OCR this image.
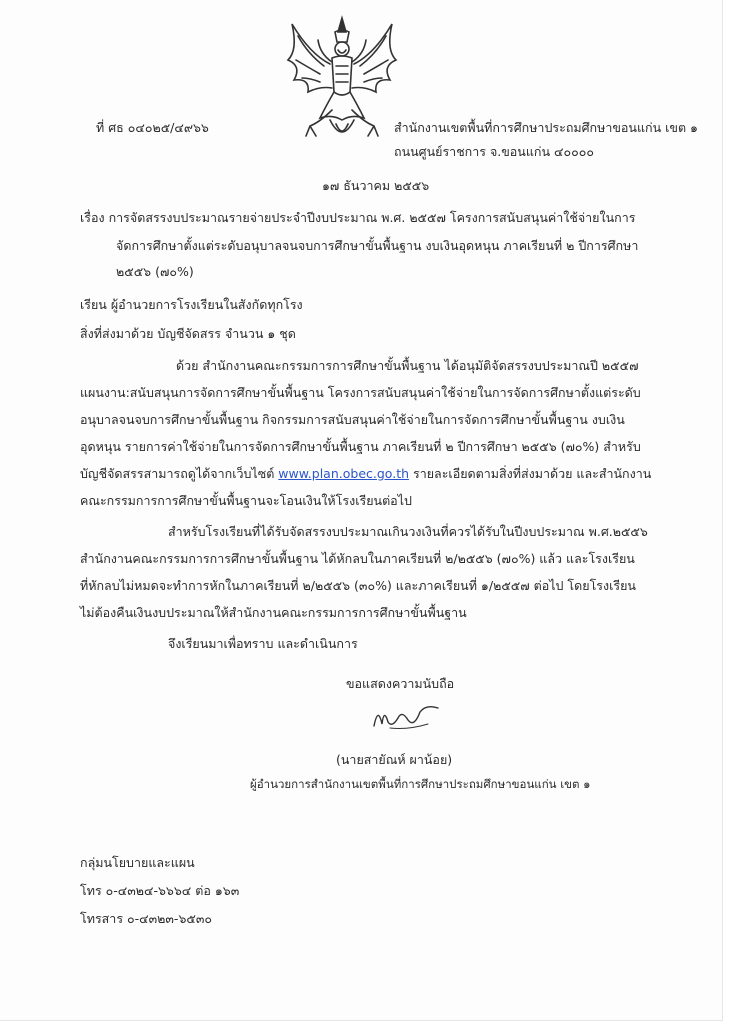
ที่ ศธ ๐๔๐๒๕/๔๙๖๖	สำนักงานเขตพื้นที่การศึกษาประถมศึกษาขอนแก่น เขต ๑
ถนนศูนย์ราชการ จ.ขอนแก่น ๔๐๐๐๐
๑๗ ธันวาคม ๒๕๕๖
เรื่อง การจัดสรรงบประมาณรายจ่ายประจำปีงบประมาณ พ.ศ. ๒๕๕๗ โครงการสนับสนุนค่าใช้จ่ายในการ
จัดการศึกษาตั้งแต่ระดับอนุบาลจนจบการศึกษาขั้นพื้นฐาน งบเงินอุดหนุน ภาคเรียนที่ ๒ ปีการศึกษา
๒๕๕๖ (๗๐%)
เรียน ผู้อำนวยการโรงเรียนในสังกัดทุกโรง
สิ่งที่ส่งมาด้วย บัญชีจัดสรร จำนวน ๑ ชุด
ด้วย สำนักงานคณะกรรมการการศึกษาขั้นพื้นฐาน ได้อนุมัติจัดสรรงบประมาณปี ๒๕๕๗
แผนงาน:สนับสนุนการจัดการศึกษาขั้นพื้นฐาน โครงการสนับสนุนค่าใช้จ่ายในการจัดการศึกษาตั้งแต่ระดับ
อนุบาลจนจบการศึกษาขั้นพื้นฐาน กิจกรรมการสนับสนุนค่าใช้จ่ายในการจัดการศึกษาขั้นพื้นฐาน งบเงิน
อุดหนุน รายการค่าใช้จ่ายในการจัดการศึกษาขั้นพื้นฐาน ภาคเรียนที่ ๒ ปีการศึกษา ๒๕๕๖ (๗๐%) สำหรับ
บัญชีจัดสรรสามารถดูได้จากเว็บไซต์ www.plan.obec.go.th รายละเอียดตามสิ่งที่ส่งมาด้วย และสำนักงาน
คณะกรรมการการศึกษาขั้นพื้นฐานจะโอนเงินให้โรงเรียนต่อไป
สำหรับโรงเรียนที่ได้รับจัดสรรงบประมาณเกินวงเงินที่ควรได้รับในปีงบประมาณ พ.ศ.๒๕๕๖
สำนักงานคณะกรรมการการศึกษาขั้นพื้นฐาน ได้หักลบในภาคเรียนที่ ๒/๒๕๕๖ (๗๐%) แล้ว และโรงเรียน
ที่หักลบไม่หมดจะทำการหักในภาคเรียนที่ ๒/๒๕๕๖ (๓๐%) และภาคเรียนที่ ๑/๒๕๕๗ ต่อไป โดยโรงเรียน
ไม่ต้องคืนเงินงบประมาณให้สำนักงานคณะกรรมการการศึกษาขั้นพื้นฐาน
จึงเรียนมาเพื่อทราบ และดำเนินการ
ขอแสดงความนับถือ
(นายสายัณห์ ผาน้อย)
ผู้อำนวยการสำนักงานเขตพื้นที่การศึกษาประถมศึกษาขอนแก่น เขต ๑
กลุ่มนโยบายและแผน
โทร ๐-๔๓๒๔-๖๖๖๔ ต่อ ๑๖๓
โทรสาร ๐-๔๓๒๓-๖๕๓๐
